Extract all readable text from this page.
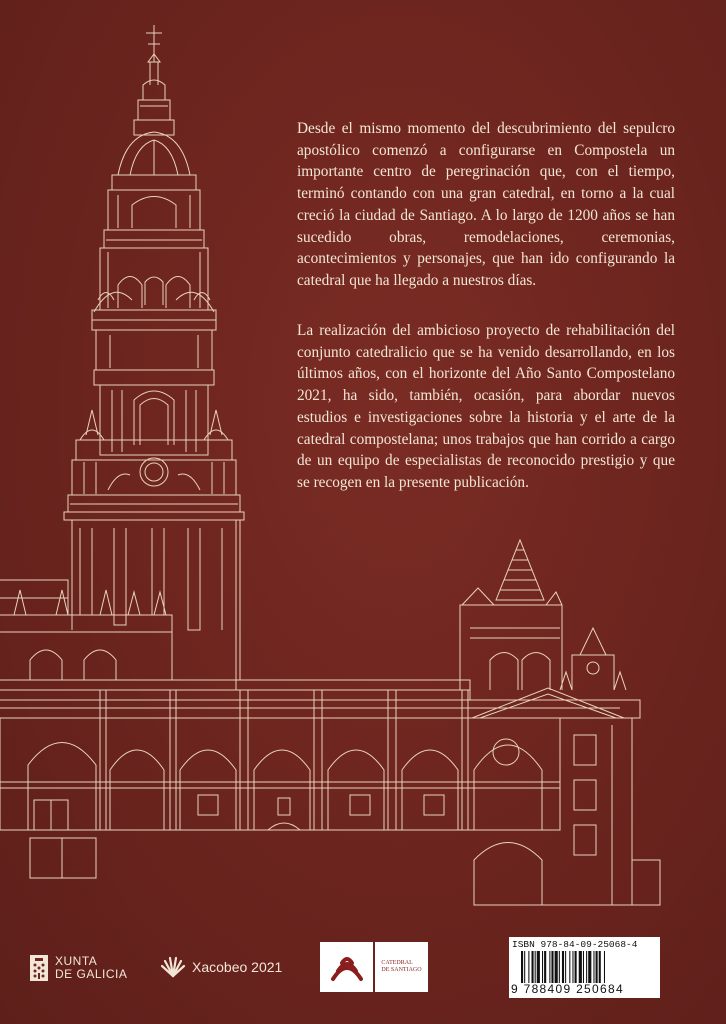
Desde el mismo momento del descubrimiento del sepulcro apostólico comenzó a configurarse en Compostela un importante centro de peregrinación que, con el tiempo, terminó contando con una gran catedral, en torno a la cual creció la ciudad de Santiago. A lo largo de 1200 años se han sucedido obras, remodelaciones, ceremonias, acontecimientos y personajes, que han ido configurando la catedral que ha llegado a nuestros días.

La realización del ambicioso proyecto de rehabilitación del conjunto catedralicio que se ha venido desarrollando, en los últimos años, con el horizonte del Año Santo Compostelano 2021, ha sido, también, ocasión, para abordar nuevos estudios e investigaciones sobre la historia y el arte de la catedral compostelana; unos trabajos que han corrido a cargo de un equipo de especialistas de reconocido prestigio y que se recogen en la presente publicación.

XUNTA
DE GALICIA	Xacobeo 2021	CATEDRAL
DE SANTIAGO
ISBN 978-84-09-25068-4
9 788409 250684
